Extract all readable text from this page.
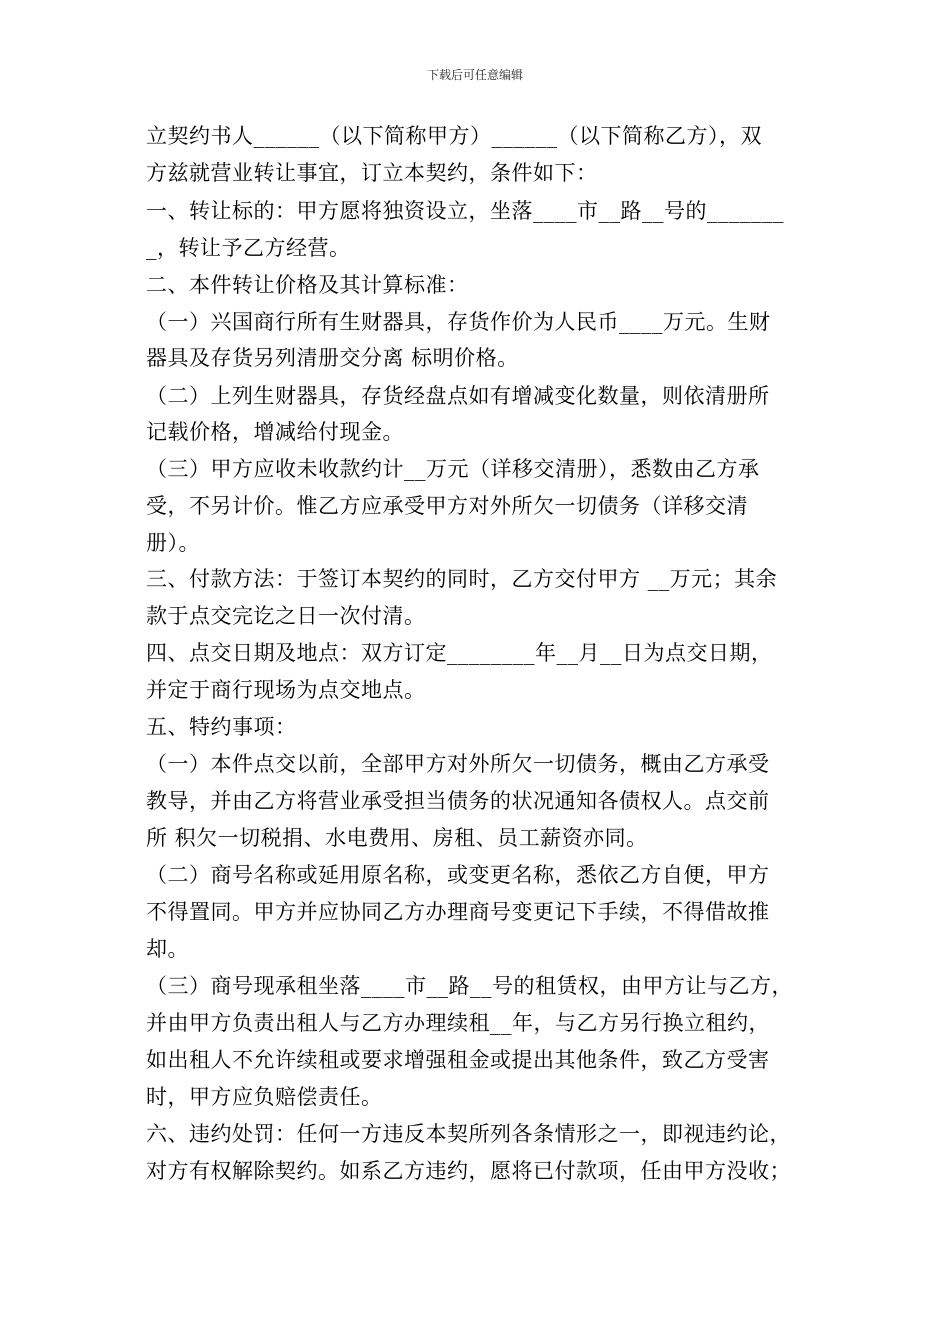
下载后可任意编辑
立契约书人______（以下简称甲方）______（以下简称乙方），双
方兹就营业转让事宜，订立本契约，条件如下：
一、转让标的：甲方愿将独资设立，坐落____市__路__号的_______
_，转让予乙方经营。
二、本件转让价格及其计算标准：
（一）兴国商行所有生财器具，存货作价为人民币____万元。生财
器具及存货另列清册交分离 标明价格。
（二）上列生财器具，存货经盘点如有增减变化数量，则依清册所
记载价格，增减给付现金。
（三）甲方应收未收款约计__万元（详移交清册），悉数由乙方承
受，不另计价。惟乙方应承受甲方对外所欠一切债务（详移交清
册）。
三、付款方法：于签订本契约的同时，乙方交付甲方 __万元；其余
款于点交完讫之日一次付清。
四、点交日期及地点：双方订定________年__月__日为点交日期，
并定于商行现场为点交地点。
五、特约事项：
（一）本件点交以前，全部甲方对外所欠一切债务，概由乙方承受
教导，并由乙方将营业承受担当债务的状况通知各债权人。点交前
所 积欠一切税捐、水电费用、房租、员工薪资亦同。
（二）商号名称或延用原名称，或变更名称，悉依乙方自便，甲方
不得置同。甲方并应协同乙方办理商号变更记下手续，不得借故推
却。
（三）商号现承租坐落____市__路__号的租赁权，由甲方让与乙方，
并由甲方负责出租人与乙方办理续租__年，与乙方另行换立租约，
如出租人不允许续租或要求增强租金或提出其他条件，致乙方受害
时，甲方应负赔偿责任。
六、违约处罚：任何一方违反本契所列各条情形之一，即视违约论，
对方有权解除契约。如系乙方违约，愿将已付款项，任由甲方没收；
